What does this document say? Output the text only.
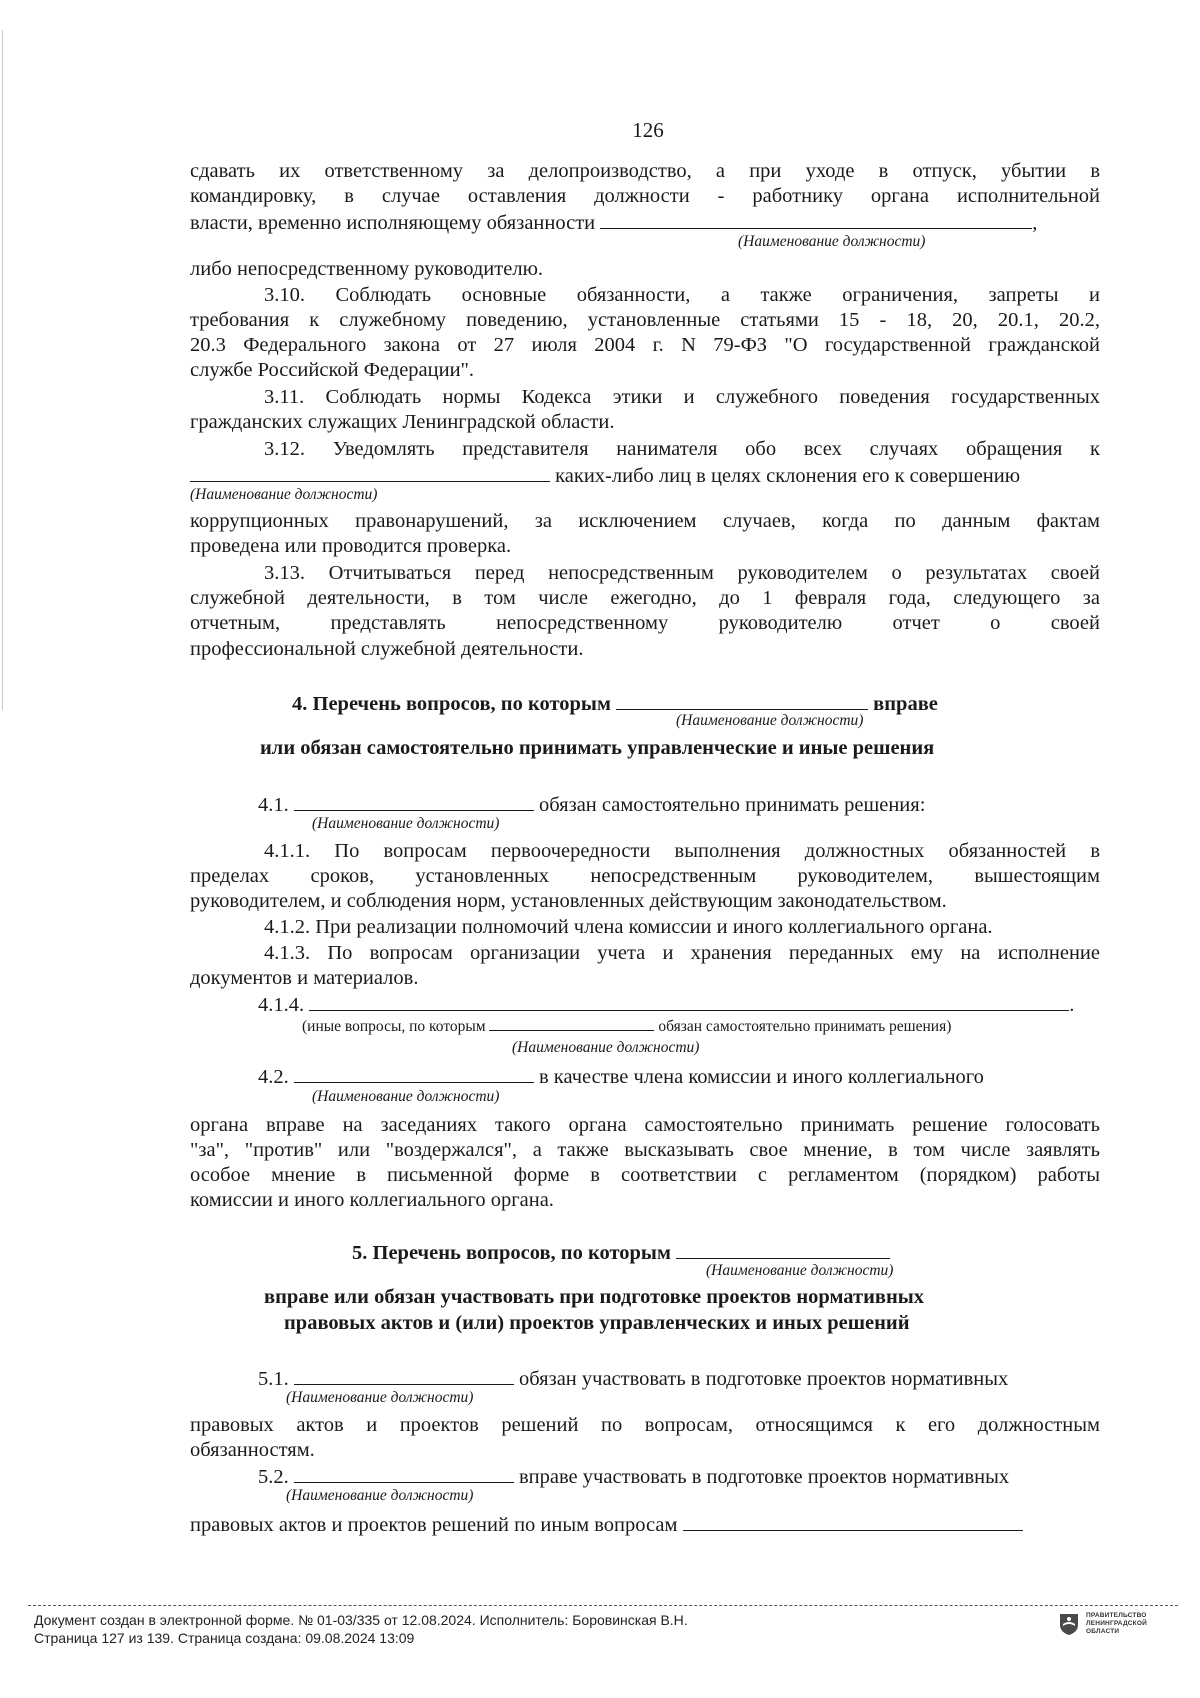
126
сдавать их ответственному за делопроизводство, а при уходе в отпуск, убытии в
командировку, в случае оставления должности - работнику органа исполнительной
власти, временно исполняющему обязанности	,
(Наименование должности)
либо непосредственному руководителю.
3.10. Соблюдать основные обязанности, а также ограничения, запреты и
требования к служебному поведению, установленные статьями 15 - 18, 20, 20.1, 20.2,
20.3 Федерального закона от 27 июля 2004 г. N 79-ФЗ "О государственной гражданской
службе Российской Федерации".
3.11. Соблюдать нормы Кодекса этики и служебного поведения государственных
гражданских служащих Ленинградской области.
3.12. Уведомлять представителя нанимателя обо всех случаях обращения к
каких-либо лиц в целях склонения его к совершению
(Наименование должности)
коррупционных правонарушений, за исключением случаев, когда по данным фактам
проведена или проводится проверка.
3.13. Отчитываться перед непосредственным руководителем о результатах своей
служебной деятельности, в том числе ежегодно, до 1 февраля года, следующего за
отчетным, представлять непосредственному руководителю отчет о своей
профессиональной служебной деятельности.
4. Перечень вопросов, по которым	вправе
(Наименование должности)
или обязан самостоятельно принимать управленческие и иные решения
4.1.	обязан самостоятельно принимать решения:
(Наименование должности)
4.1.1. По вопросам первоочередности выполнения должностных обязанностей в
пределах сроков, установленных непосредственным руководителем, вышестоящим
руководителем, и соблюдения норм, установленных действующим законодательством.
4.1.2. При реализации полномочий члена комиссии и иного коллегиального органа.
4.1.3. По вопросам организации учета и хранения переданных ему на исполнение
документов и материалов.
4.1.4.	.
(иные вопросы, по которым	обязан самостоятельно принимать решения)
(Наименование должности)
4.2.	в качестве члена комиссии и иного коллегиального
(Наименование должности)
органа вправе на заседаниях такого органа самостоятельно принимать решение голосовать
"за", "против" или "воздержался", а также высказывать свое мнение, в том числе заявлять
особое мнение в письменной форме в соответствии с регламентом (порядком) работы
комиссии и иного коллегиального органа.
5. Перечень вопросов, по которым
(Наименование должности)
вправе или обязан участвовать при подготовке проектов нормативных
правовых актов и (или) проектов управленческих и иных решений
5.1.	обязан участвовать в подготовке проектов нормативных
(Наименование должности)
правовых актов и проектов решений по вопросам, относящимся к его должностным
обязанностям.
5.2.	вправе участвовать в подготовке проектов нормативных
(Наименование должности)
правовых актов и проектов решений по иным вопросам
Документ создан в электронной форме. № 01-03/335 от 12.08.2024. Исполнитель: Боровинская В.Н.
Страница 127 из 139. Страница создана: 09.08.2024 13:09
ПРАВИТЕЛЬСТВО
ЛЕНИНГРАДСКОЙ
ОБЛАСТИ
